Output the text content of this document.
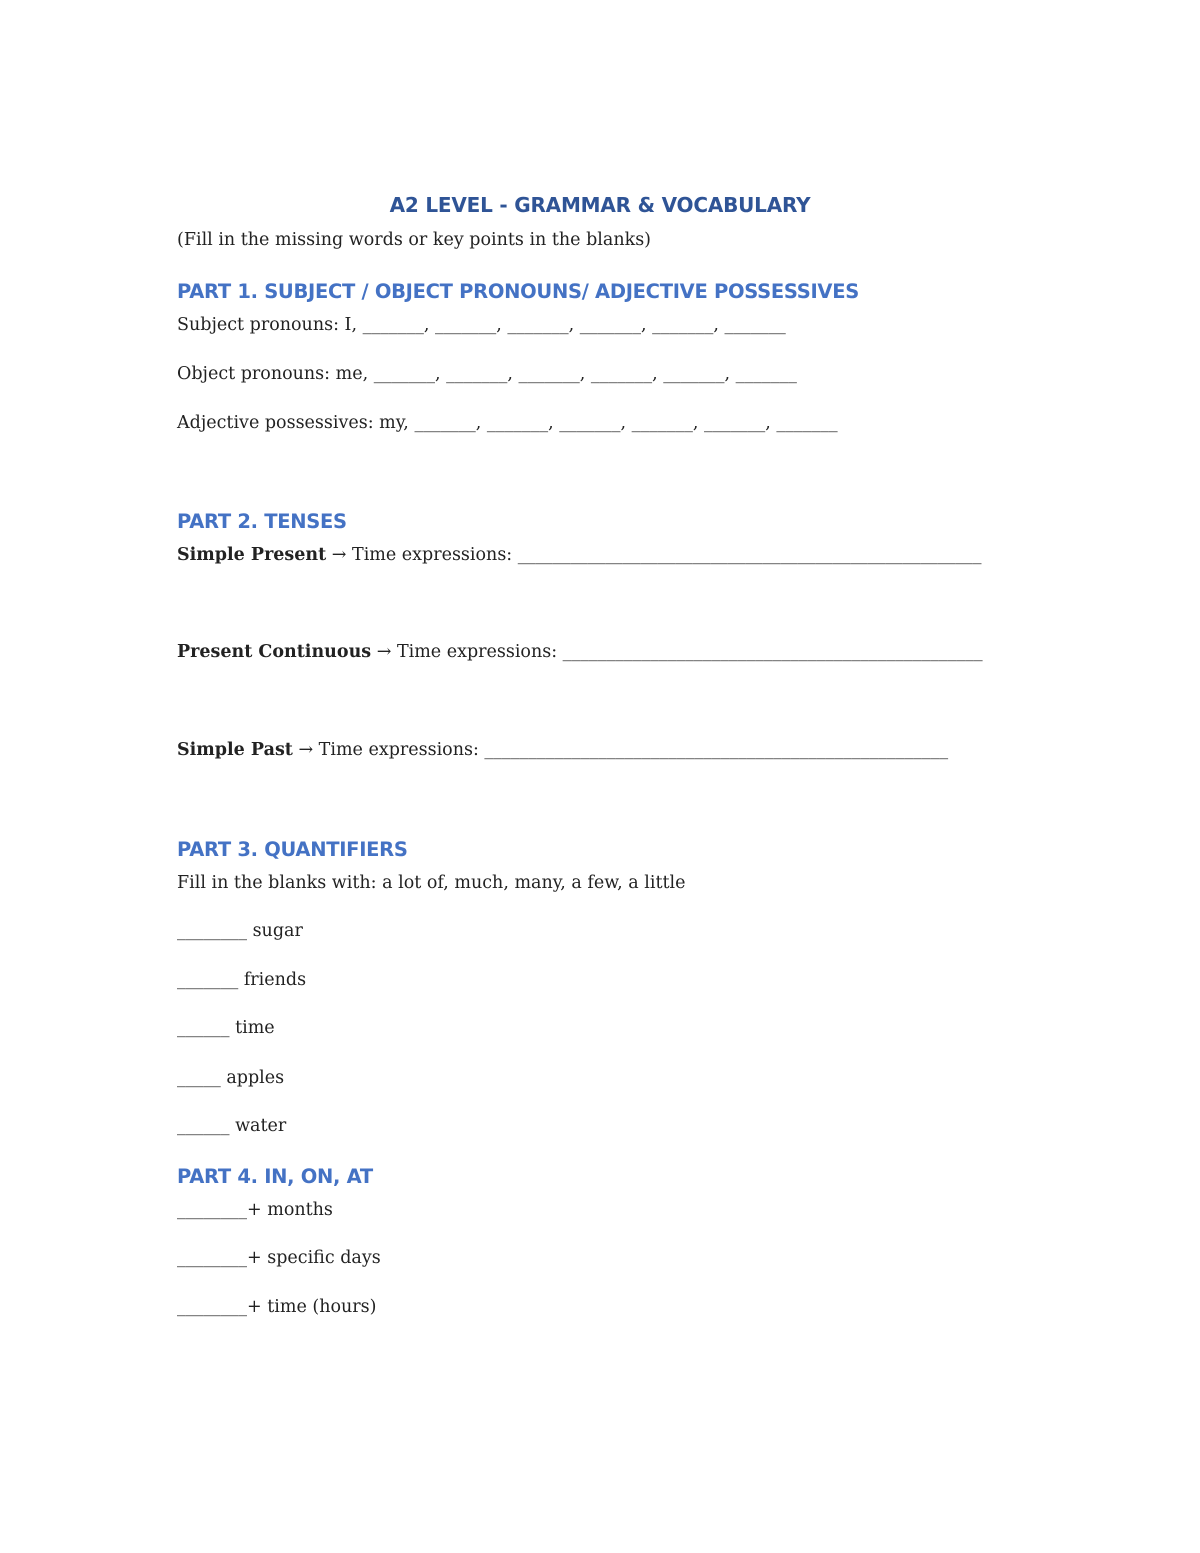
A2 LEVEL - GRAMMAR & VOCABULARY
(Fill in the missing words or key points in the blanks)
PART 1. SUBJECT / OBJECT PRONOUNS/ ADJECTIVE POSSESSIVES
Subject pronouns: I, _______, _______, _______, _______, _______, _______
Object pronouns: me, _______, _______, _______, _______, _______, _______
Adjective possessives: my, _______, _______, _______, _______, _______, _______
PART 2. TENSES
Simple Present → Time expressions: _____________________________________________________
Present Continuous → Time expressions: ________________________________________________
Simple Past → Time expressions: _____________________________________________________
PART 3. QUANTIFIERS
Fill in the blanks with: a lot of, much, many, a few, a little
________ sugar
_______ friends
______ time
_____ apples
______ water
PART 4. IN, ON, AT
________+ months
________+ specific days
________+ time (hours)
